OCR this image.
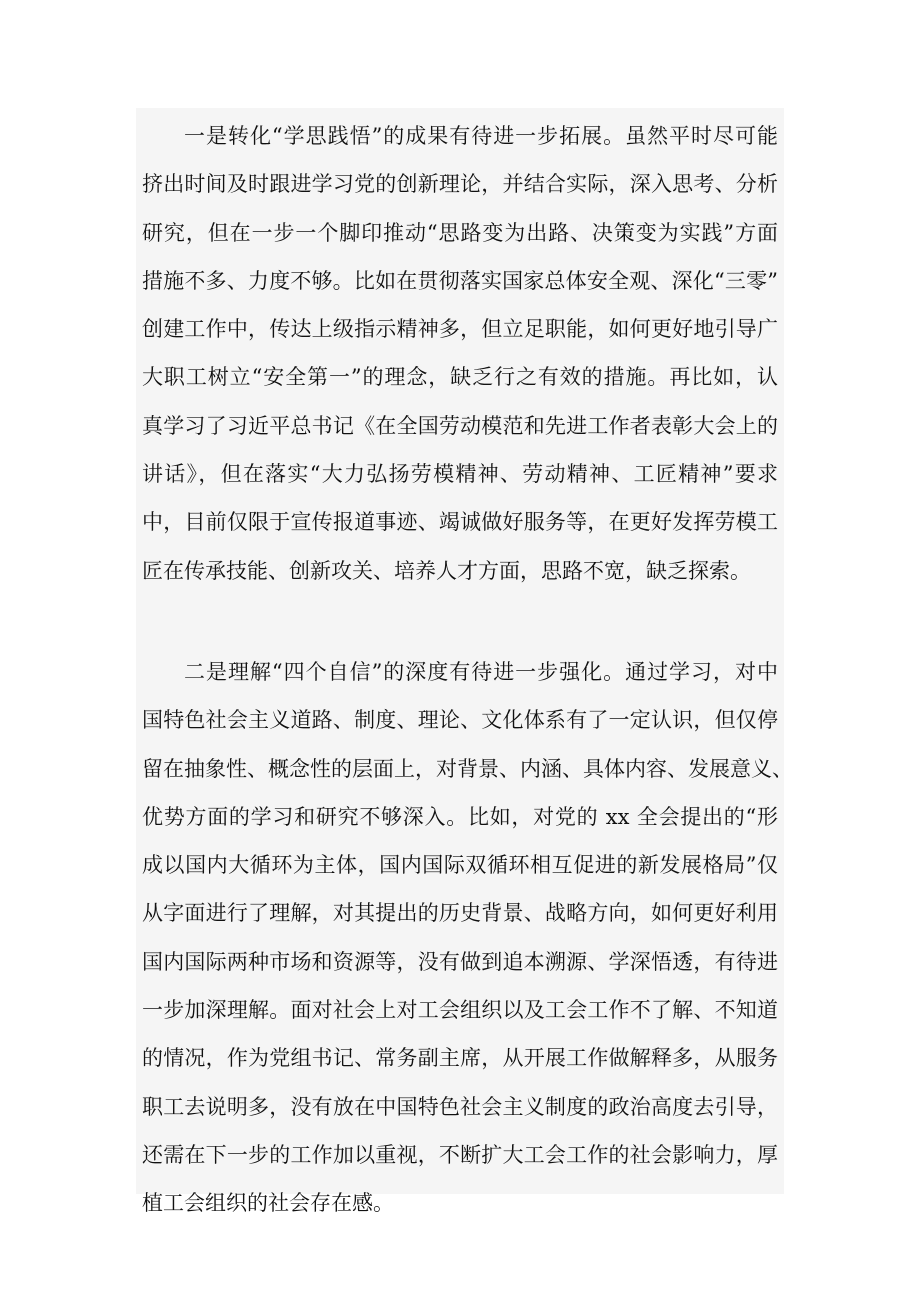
一是转化“学思践悟”的成果有待进一步拓展。虽然平时尽可能
挤出时间及时跟进学习党的创新理论，并结合实际，深入思考、分析
研究，但在一步一个脚印推动“思路变为出路、决策变为实践”方面
措施不多、力度不够。比如在贯彻落实国家总体安全观、深化“三零”
创建工作中，传达上级指示精神多，但立足职能，如何更好地引导广
大职工树立“安全第一”的理念，缺乏行之有效的措施。再比如，认
真学习了习近平总书记《在全国劳动模范和先进工作者表彰大会上的
讲话》，但在落实“大力弘扬劳模精神、劳动精神、工匠精神”要求
中，目前仅限于宣传报道事迹、竭诚做好服务等，在更好发挥劳模工
匠在传承技能、创新攻关、培养人才方面，思路不宽，缺乏探索。
二是理解“四个自信”的深度有待进一步强化。通过学习，对中
国特色社会主义道路、制度、理论、文化体系有了一定认识，但仅停
留在抽象性、概念性的层面上，对背景、内涵、具体内容、发展意义、
优势方面的学习和研究不够深入。比如，对党的 xx 全会提出的“形
成以国内大循环为主体，国内国际双循环相互促进的新发展格局”仅
从字面进行了理解，对其提出的历史背景、战略方向，如何更好利用
国内国际两种市场和资源等，没有做到追本溯源、学深悟透，有待进
一步加深理解。面对社会上对工会组织以及工会工作不了解、不知道
的情况，作为党组书记、常务副主席，从开展工作做解释多，从服务
职工去说明多，没有放在中国特色社会主义制度的政治高度去引导，
还需在下一步的工作加以重视，不断扩大工会工作的社会影响力，厚
植工会组织的社会存在感。
